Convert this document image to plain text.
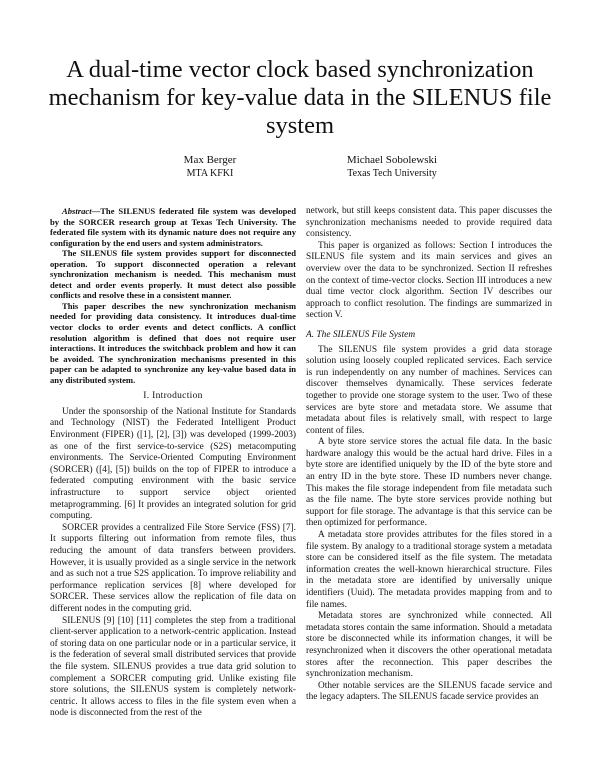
A dual-time vector clock based synchronization mechanism for key-value data in the SILENUS file system
Max Berger
MTA KFKI
Michael Sobolewski
Texas Tech University

Abstract—The SILENUS federated file system was developed by the SORCER research group at Texas Tech University. The federated file system with its dynamic nature does not require any configuration by the end users and system administrators.

The SILENUS file system provides support for disconnected operation. To support disconnected operation a relevant synchronization mechanism is needed. This mechanism must detect and order events properly. It must detect also possible conflicts and resolve these in a consistent manner.

This paper describes the new synchronization mechanism needed for providing data consistency. It introduces dual-time vector clocks to order events and detect conflicts. A conflict resolution algorithm is defined that does not require user interactions. It introduces the switchback problem and how it can be avoided. The synchronization mechanisms presented in this paper can be adapted to synchronize any key-value based data in any distributed system.

I. Introduction

Under the sponsorship of the National Institute for Standards and Technology (NIST) the Federated Intelligent Product Environment (FIPER) ([1], [2], [3]) was developed (1999-2003) as one of the first service-to-service (S2S) metacomputing environments. The Service-Oriented Computing Environment (SORCER) ([4], [5]) builds on the top of FIPER to introduce a federated computing environment with the basic service infrastructure to support service object oriented metaprogramming. [6] It provides an integrated solution for grid computing.

SORCER provides a centralized File Store Service (FSS) [7]. It supports filtering out information from remote files, thus reducing the amount of data transfers between providers. However, it is usually provided as a single service in the network and as such not a true S2S application. To improve reliability and performance replication services [8] where developed for SORCER. These services allow the replication of file data on different nodes in the computing grid.

SILENUS [9] [10] [11] completes the step from a traditional client-server application to a network-centric application. Instead of storing data on one particular node or in a particular service, it is the federation of several small distributed services that provide the file system. SILENUS provides a true data grid solution to complement a SORCER computing grid. Unlike existing file store solutions, the SILENUS system is completely network-centric. It allows access to files in the file system even when a node is disconnected from the rest of the

network, but still keeps consistent data. This paper discusses the synchronization mechanisms needed to provide required data consistency.

This paper is organized as follows: Section I introduces the SILENUS file system and its main services and gives an overview over the data to be synchronized. Section II refreshes on the context of time-vector clocks. Section III introduces a new dual time vector clock algorithm. Section IV describes our approach to conflict resolution. The findings are summarized in section V.

A. The SILENUS File System

The SILENUS file system provides a grid data storage solution using loosely coupled replicated services. Each service is run independently on any number of machines. Services can discover themselves dynamically. These services federate together to provide one storage system to the user. Two of these services are byte store and metadata store. We assume that metadata about files is relatively small, with respect to large content of files.

A byte store service stores the actual file data. In the basic hardware analogy this would be the actual hard drive. Files in a byte store are identified uniquely by the ID of the byte store and an entry ID in the byte store. These ID numbers never change. This makes the file storage independent from file metadata such as the file name. The byte store services provide nothing but support for file storage. The advantage is that this service can be then optimized for performance.

A metadata store provides attributes for the files stored in a file system. By analogy to a traditional storage system a metadata store can be considered itself as the file system. The metadata information creates the well-known hierarchical structure. Files in the metadata store are identified by universally unique identifiers (Uuid). The metadata provides mapping from and to file names.

Metadata stores are synchronized while connected. All metadata stores contain the same information. Should a metadata store be disconnected while its information changes, it will be resynchronized when it discovers the other operational metadata stores after the reconnection. This paper describes the synchronization mechanism.

Other notable services are the SILENUS facade service and the legacy adapters. The SILENUS facade service provides an
